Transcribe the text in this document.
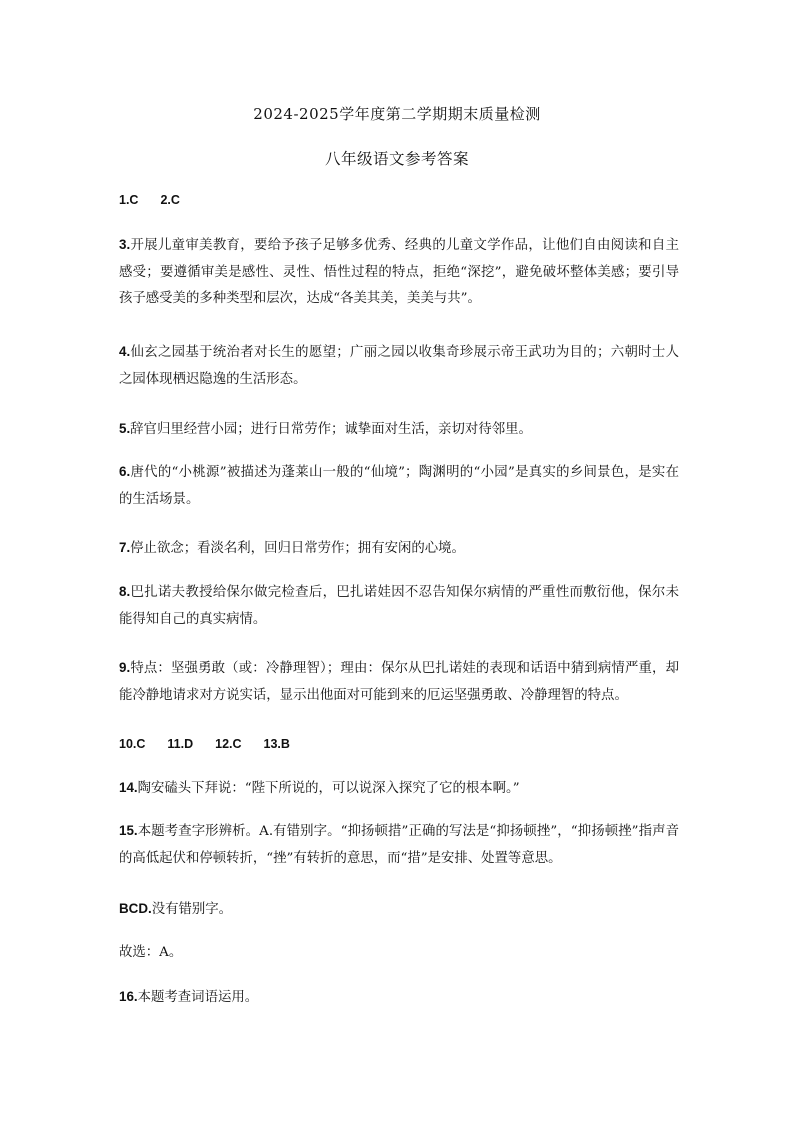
2024-2025学年度第二学期期末质量检测
八年级语文参考答案
1.C 2.C
3.开展儿童审美教育，要给予孩子足够多优秀、经典的儿童文学作品，让他们自由阅读和自主感受；要遵循审美是感性、灵性、悟性过程的特点，拒绝“深挖”，避免破坏整体美感；要引导孩子感受美的多种类型和层次，达成“各美其美，美美与共”。
4.仙玄之园基于统治者对长生的愿望；广丽之园以收集奇珍展示帝王武功为目的；六朝时士人之园体现栖迟隐逸的生活形态。
5.辞官归里经营小园；进行日常劳作；诚挚面对生活，亲切对待邻里。
6.唐代的“小桃源”被描述为蓬莱山一般的“仙境”；陶渊明的“小园”是真实的乡间景色，是实在的生活场景。
7.停止欲念；看淡名利，回归日常劳作；拥有安闲的心境。
8.巴扎诺夫教授给保尔做完检查后，巴扎诺娃因不忍告知保尔病情的严重性而敷衍他，保尔未能得知自己的真实病情。
9.特点：坚强勇敢（或：冷静理智）；理由：保尔从巴扎诺娃的表现和话语中猜到病情严重，却能冷静地请求对方说实话，显示出他面对可能到来的厄运坚强勇敢、冷静理智的特点。
10.C 11.D 12.C 13.B
14.陶安磕头下拜说：“陛下所说的，可以说深入探究了它的根本啊。”
15.本题考查字形辨析。A.有错别字。“抑扬顿措”正确的写法是“抑扬顿挫”，“抑扬顿挫”指声音的高低起伏和停顿转折，“挫”有转折的意思，而“措”是安排、处置等意思。
BCD.没有错别字。
故选：A。
16.本题考查词语运用。
